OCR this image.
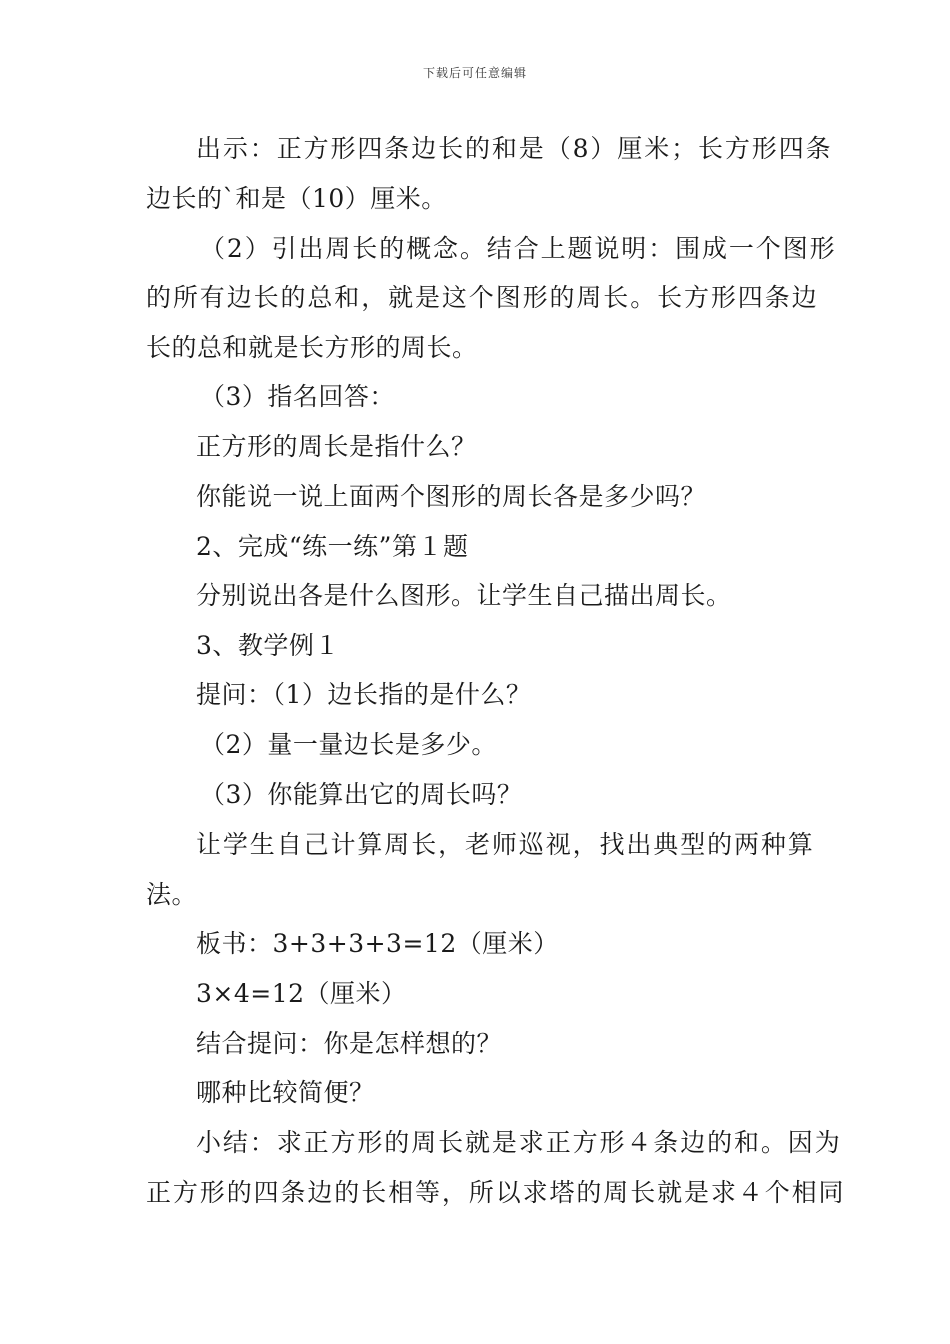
下载后可任意编辑
出示：正方形四条边长的和是（8）厘米；长方形四条
边长的`和是（10）厘米。
（2）引出周长的概念。结合上题说明：围成一个图形
的所有边长的总和，就是这个图形的周长。长方形四条边
长的总和就是长方形的周长。
（3）指名回答：
正方形的周长是指什么？
你能说一说上面两个图形的周长各是多少吗？
2、完成“练一练”第１题
分别说出各是什么图形。让学生自己描出周长。
3、教学例１
提问：（1）边长指的是什么？
（2）量一量边长是多少。
（3）你能算出它的周长吗？
让学生自己计算周长，老师巡视，找出典型的两种算
法。
板书：3+3+3+3=12（厘米）
3×4=12（厘米）
结合提问：你是怎样想的？
哪种比较简便？
小结：求正方形的周长就是求正方形４条边的和。因为
正方形的四条边的长相等，所以求塔的周长就是求４个相同
